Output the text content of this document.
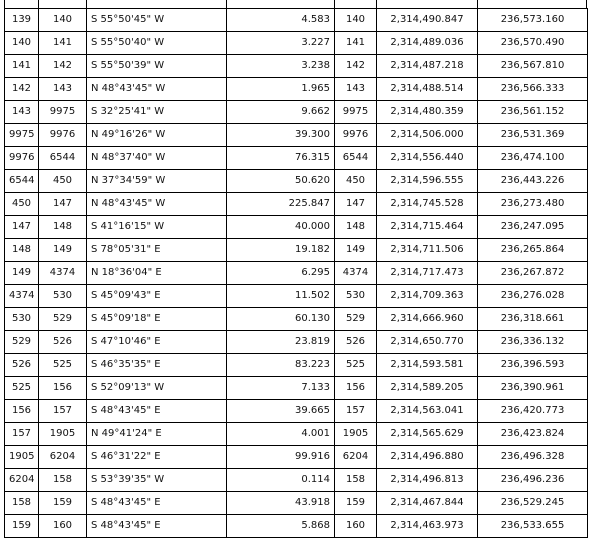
139	140	S 55°50'45" W	4.583	140	2,314,490.847	236,573.160
140	141	S 55°50'40" W	3.227	141	2,314,489.036	236,570.490
141	142	S 55°50'39" W	3.238	142	2,314,487.218	236,567.810
142	143	N 48°43'45" W	1.965	143	2,314,488.514	236,566.333
143	9975	S 32°25'41" W	9.662	9975	2,314,480.359	236,561.152
9975	9976	N 49°16'26" W	39.300	9976	2,314,506.000	236,531.369
9976	6544	N 48°37'40" W	76.315	6544	2,314,556.440	236,474.100
6544	450	N 37°34'59" W	50.620	450	2,314,596.555	236,443.226
450	147	N 48°43'45" W	225.847	147	2,314,745.528	236,273.480
147	148	S 41°16'15" W	40.000	148	2,314,715.464	236,247.095
148	149	S 78°05'31" E	19.182	149	2,314,711.506	236,265.864
149	4374	N 18°36'04" E	6.295	4374	2,314,717.473	236,267.872
4374	530	S 45°09'43" E	11.502	530	2,314,709.363	236,276.028
530	529	S 45°09'18" E	60.130	529	2,314,666.960	236,318.661
529	526	S 47°10'46" E	23.819	526	2,314,650.770	236,336.132
526	525	S 46°35'35" E	83.223	525	2,314,593.581	236,396.593
525	156	S 52°09'13" W	7.133	156	2,314,589.205	236,390.961
156	157	S 48°43'45" E	39.665	157	2,314,563.041	236,420.773
157	1905	N 49°41'24" E	4.001	1905	2,314,565.629	236,423.824
1905	6204	S 46°31'22" E	99.916	6204	2,314,496.880	236,496.328
6204	158	S 53°39'35" W	0.114	158	2,314,496.813	236,496.236
158	159	S 48°43'45" E	43.918	159	2,314,467.844	236,529.245
159	160	S 48°43'45" E	5.868	160	2,314,463.973	236,533.655
